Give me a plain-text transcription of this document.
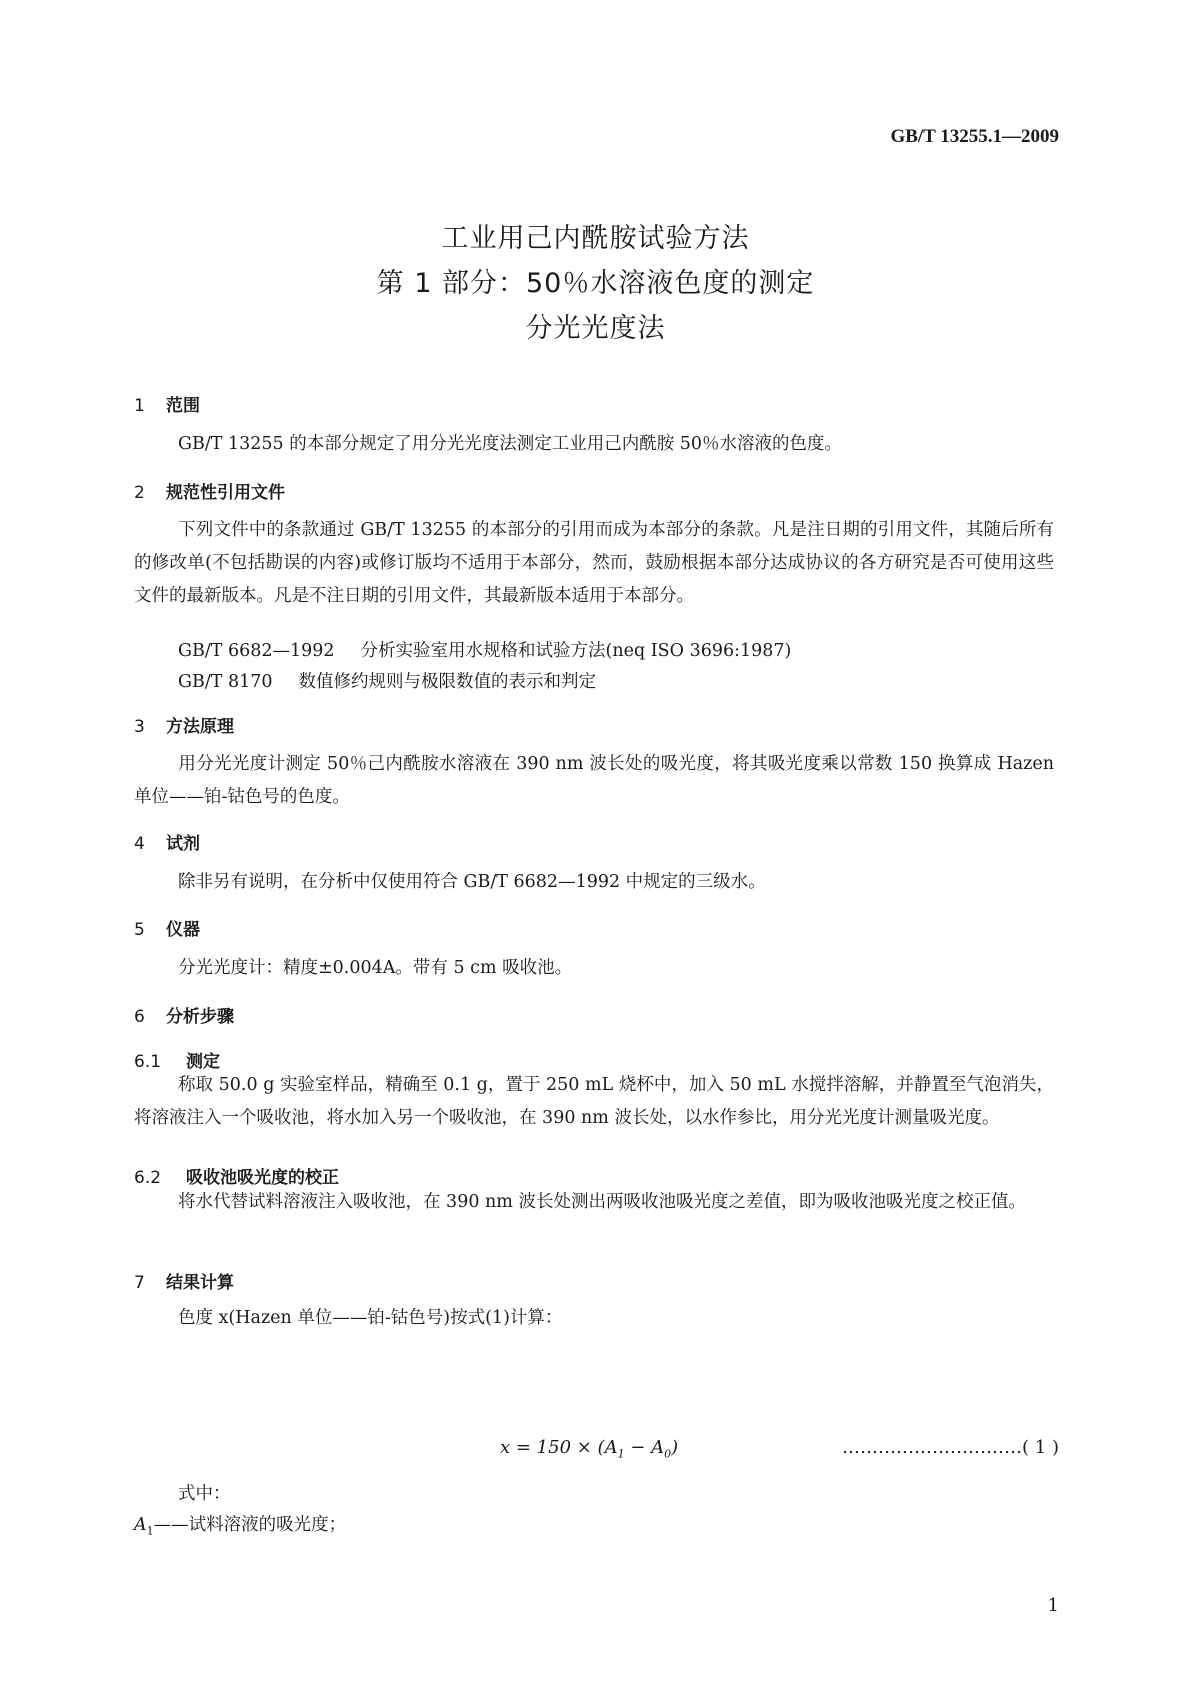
GB/T 13255.1—2009
工业用己内酰胺试验方法
第 1 部分：50％水溶液色度的测定
分光光度法
1 范围
GB/T 13255 的本部分规定了用分光光度法测定工业用己内酰胺 50％水溶液的色度。
2 规范性引用文件
下列文件中的条款通过 GB/T 13255 的本部分的引用而成为本部分的条款。凡是注日期的引用文件，其随后所有的修改单(不包括勘误的内容)或修订版均不适用于本部分，然而，鼓励根据本部分达成协议的各方研究是否可使用这些文件的最新版本。凡是不注日期的引用文件，其最新版本适用于本部分。
GB/T 6682—1992 分析实验室用水规格和试验方法(neq ISO 3696:1987)
GB/T 8170 数值修约规则与极限数值的表示和判定
3 方法原理
用分光光度计测定 50％己内酰胺水溶液在 390 nm 波长处的吸光度，将其吸光度乘以常数 150 换算成 Hazen 单位——铂-钴色号的色度。
4 试剂
除非另有说明，在分析中仅使用符合 GB/T 6682—1992 中规定的三级水。
5 仪器
分光光度计：精度±0.004A。带有 5 cm 吸收池。
6 分析步骤
6.1 测定
称取 50.0 g 实验室样品，精确至 0.1 g，置于 250 mL 烧杯中，加入 50 mL 水搅拌溶解，并静置至气泡消失，将溶液注入一个吸收池，将水加入另一个吸收池，在 390 nm 波长处，以水作参比，用分光光度计测量吸光度。
6.2 吸收池吸光度的校正
将水代替试料溶液注入吸收池，在 390 nm 波长处测出两吸收池吸光度之差值，即为吸收池吸光度之校正值。
7 结果计算
色度 x(Hazen 单位——铂-钴色号)按式(1)计算：
$x = 150 \times (A_1 - A_0)$	…………………………( 1 )
式中：
$A_1——$试料溶液的吸光度；
1
